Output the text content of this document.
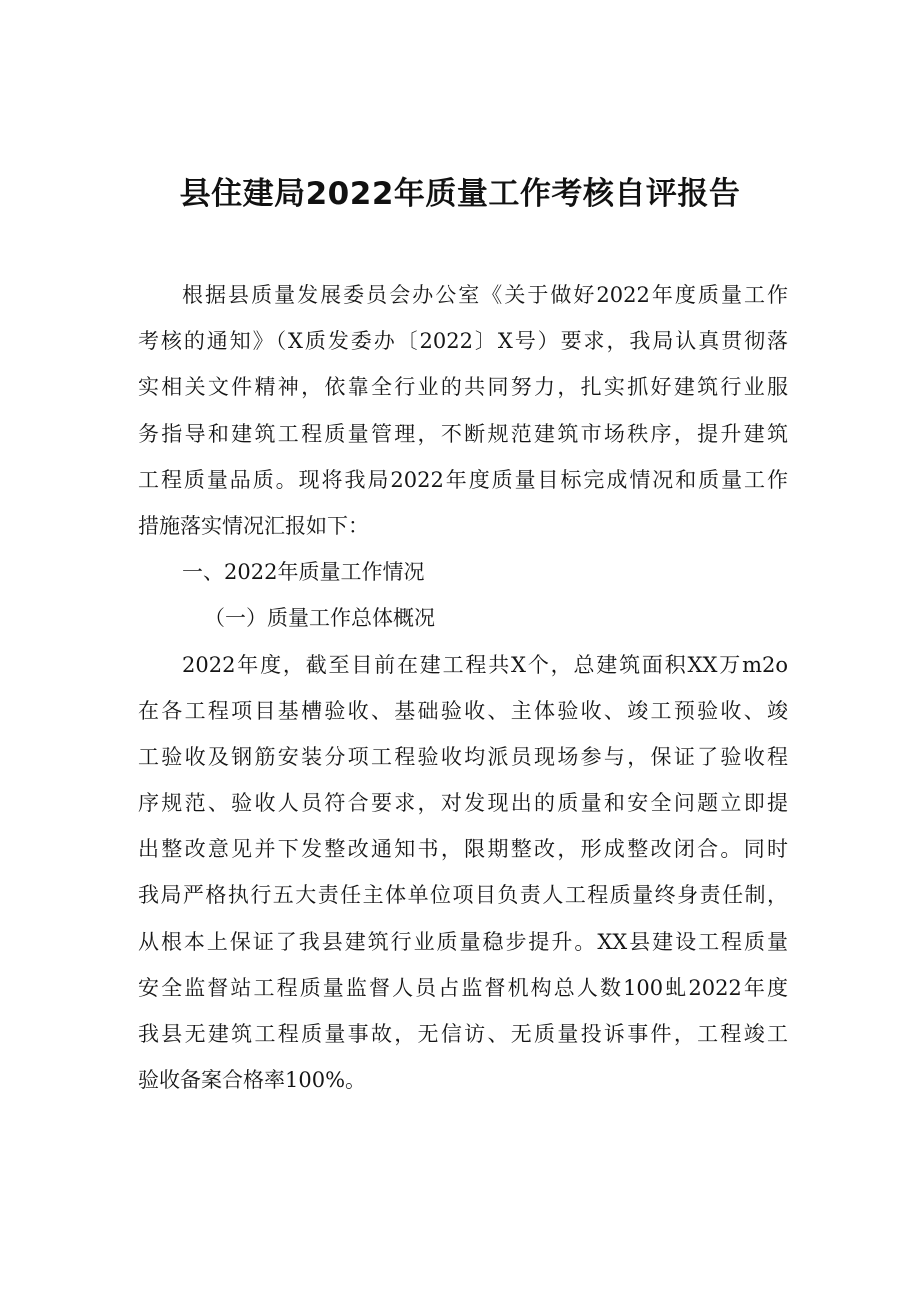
县住建局2022年质量工作考核自评报告
根据县质量发展委员会办公室《关于做好2022年度质量工作
考核的通知》（X质发委办〔2022〕X号）要求，我局认真贯彻落
实相关文件精神，依靠全行业的共同努力，扎实抓好建筑行业服
务指导和建筑工程质量管理，不断规范建筑市场秩序，提升建筑
工程质量品质。现将我局2022年度质量目标完成情况和质量工作
措施落实情况汇报如下：
一、2022年质量工作情况
（一）质量工作总体概况
2022年度，截至目前在建工程共X个，总建筑面积XX万m2o
在各工程项目基槽验收、基础验收、主体验收、竣工预验收、竣
工验收及钢筋安装分项工程验收均派员现场参与，保证了验收程
序规范、验收人员符合要求，对发现出的质量和安全问题立即提
出整改意见并下发整改通知书，限期整改，形成整改闭合。同时
我局严格执行五大责任主体单位项目负责人工程质量终身责任制，
从根本上保证了我县建筑行业质量稳步提升。XX县建设工程质量
安全监督站工程质量监督人员占监督机构总人数100虬2022年度
我县无建筑工程质量事故，无信访、无质量投诉事件，工程竣工
验收备案合格率100%。
